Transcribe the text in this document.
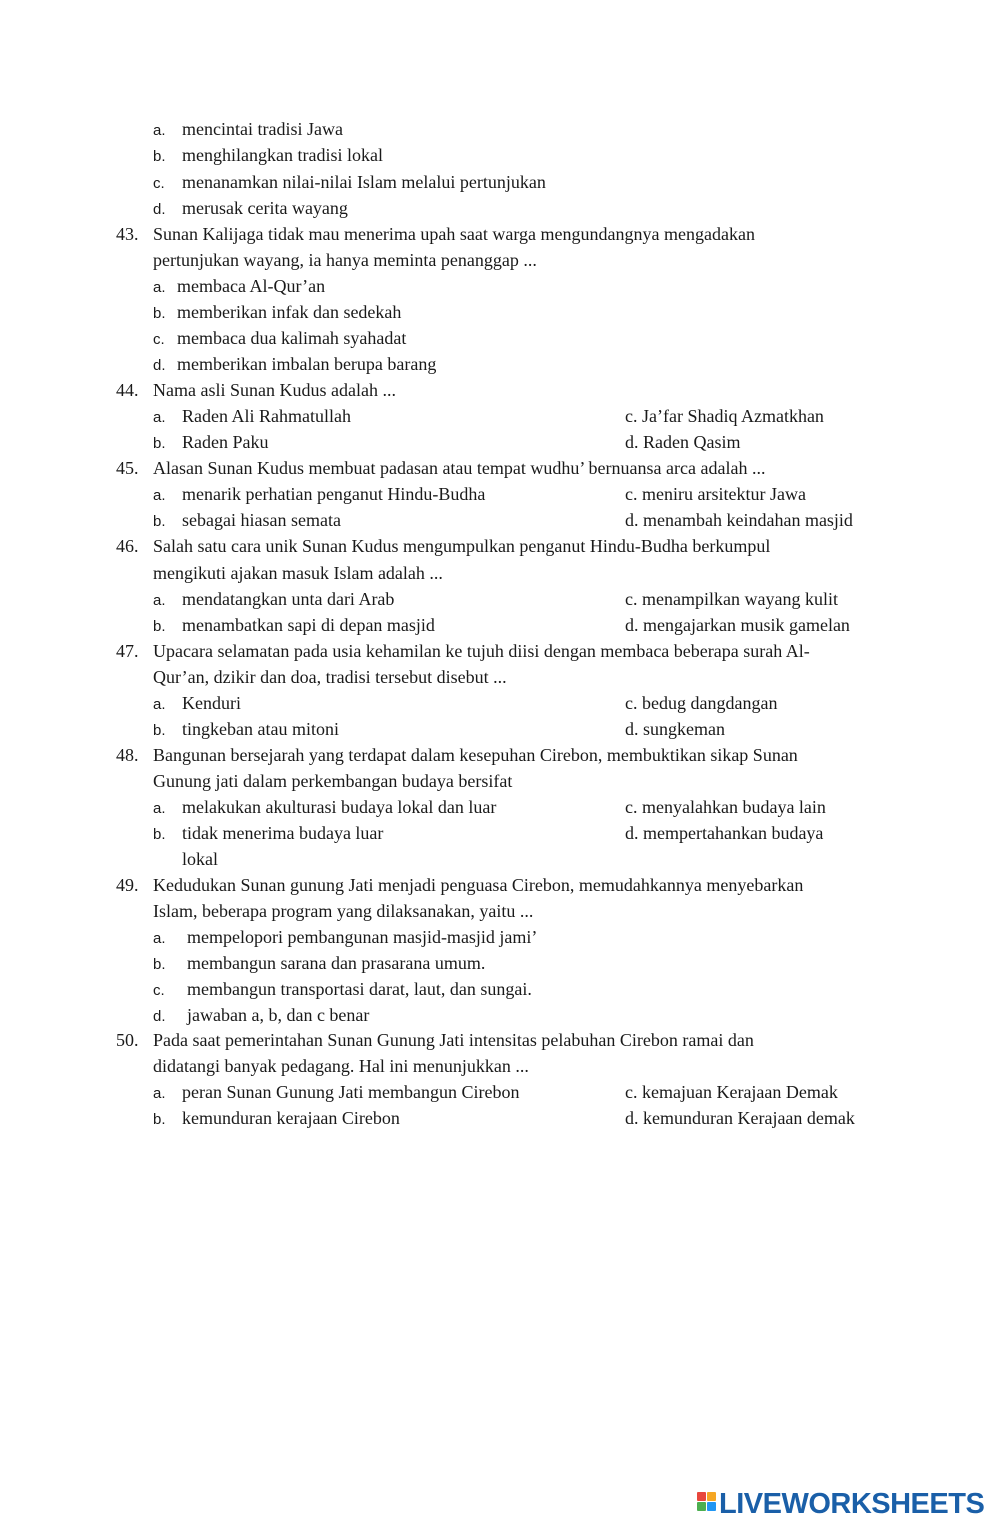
a. mencintai tradisi Jawa
b. menghilangkan tradisi lokal
c. menanamkan nilai-nilai Islam melalui pertunjukan
d. merusak cerita wayang
43. Sunan Kalijaga tidak mau menerima upah saat warga mengundangnya mengadakan
pertunjukan wayang, ia hanya meminta penanggap ...
a. membaca Al-Qur’an
b. memberikan infak dan sedekah
c. membaca dua kalimah syahadat
d. memberikan imbalan berupa barang
44. Nama asli Sunan Kudus adalah ...
a. Raden Ali Rahmatullah	c. Ja’far Shadiq Azmatkhan
b. Raden Paku	d. Raden Qasim
45. Alasan Sunan Kudus membuat padasan atau tempat wudhu’ bernuansa arca adalah ...
a. menarik perhatian penganut Hindu-Budha	c. meniru arsitektur Jawa
b. sebagai hiasan semata	d. menambah keindahan masjid
46. Salah satu cara unik Sunan Kudus mengumpulkan penganut Hindu-Budha berkumpul
mengikuti ajakan masuk Islam adalah ...
a. mendatangkan unta dari Arab	c. menampilkan wayang kulit
b. menambatkan sapi di depan masjid	d. mengajarkan musik gamelan
47. Upacara selamatan pada usia kehamilan ke tujuh diisi dengan membaca beberapa surah Al-
Qur’an, dzikir dan doa, tradisi tersebut disebut ...
a. Kenduri	c. bedug dangdangan
b. tingkeban atau mitoni	d. sungkeman
48. Bangunan bersejarah yang terdapat dalam kesepuhan Cirebon, membuktikan sikap Sunan
Gunung jati dalam perkembangan budaya bersifat
a. melakukan akulturasi budaya lokal dan luar	c. menyalahkan budaya lain
b. tidak menerima budaya luar	d. mempertahankan budaya
lokal
49. Kedudukan Sunan gunung Jati menjadi penguasa Cirebon, memudahkannya menyebarkan
Islam, beberapa program yang dilaksanakan, yaitu ...
a. mempelopori pembangunan masjid-masjid jami’
b. membangun sarana dan prasarana umum.
c. membangun transportasi darat, laut, dan sungai.
d. jawaban a, b, dan c benar
50. Pada saat pemerintahan Sunan Gunung Jati intensitas pelabuhan Cirebon ramai dan
didatangi banyak pedagang. Hal ini menunjukkan ...
a. peran Sunan Gunung Jati membangun Cirebon	c. kemajuan Kerajaan Demak
b. kemunduran kerajaan Cirebon	d. kemunduran Kerajaan demak
LIVEWORKSHEETS
